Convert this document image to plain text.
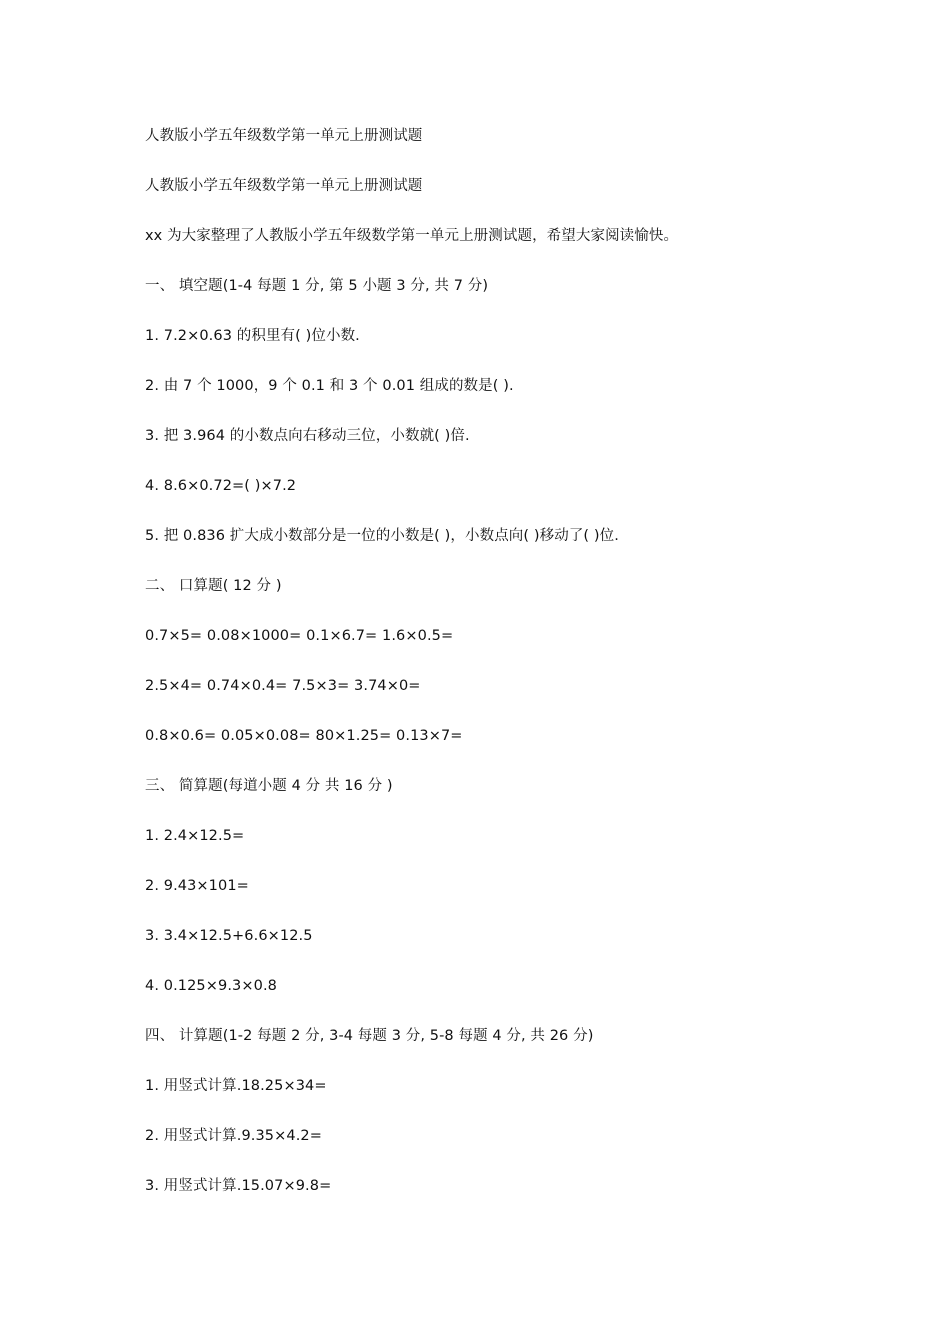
人教版小学五年级数学第一单元上册测试题
人教版小学五年级数学第一单元上册测试题
xx 为大家整理了人教版小学五年级数学第一单元上册测试题，希望大家阅读愉快。
一、 填空题(1-4 每题 1 分, 第 5 小题 3 分, 共 7 分)
1. 7.2×0.63 的积里有( )位小数.
2. 由 7 个 1000，9 个 0.1 和 3 个 0.01 组成的数是( ).
3. 把 3.964 的小数点向右移动三位，小数就( )倍.
4. 8.6×0.72=( )×7.2
5. 把 0.836 扩大成小数部分是一位的小数是( )，小数点向( )移动了( )位.
二、 口算题( 12 分 )
0.7×5= 0.08×1000= 0.1×6.7= 1.6×0.5=
2.5×4= 0.74×0.4= 7.5×3= 3.74×0=
0.8×0.6= 0.05×0.08= 80×1.25= 0.13×7=
三、 简算题(每道小题 4 分 共 16 分 )
1. 2.4×12.5=
2. 9.43×101=
3. 3.4×12.5+6.6×12.5
4. 0.125×9.3×0.8
四、 计算题(1-2 每题 2 分, 3-4 每题 3 分, 5-8 每题 4 分, 共 26 分)
1. 用竖式计算.18.25×34=
2. 用竖式计算.9.35×4.2=
3. 用竖式计算.15.07×9.8=
